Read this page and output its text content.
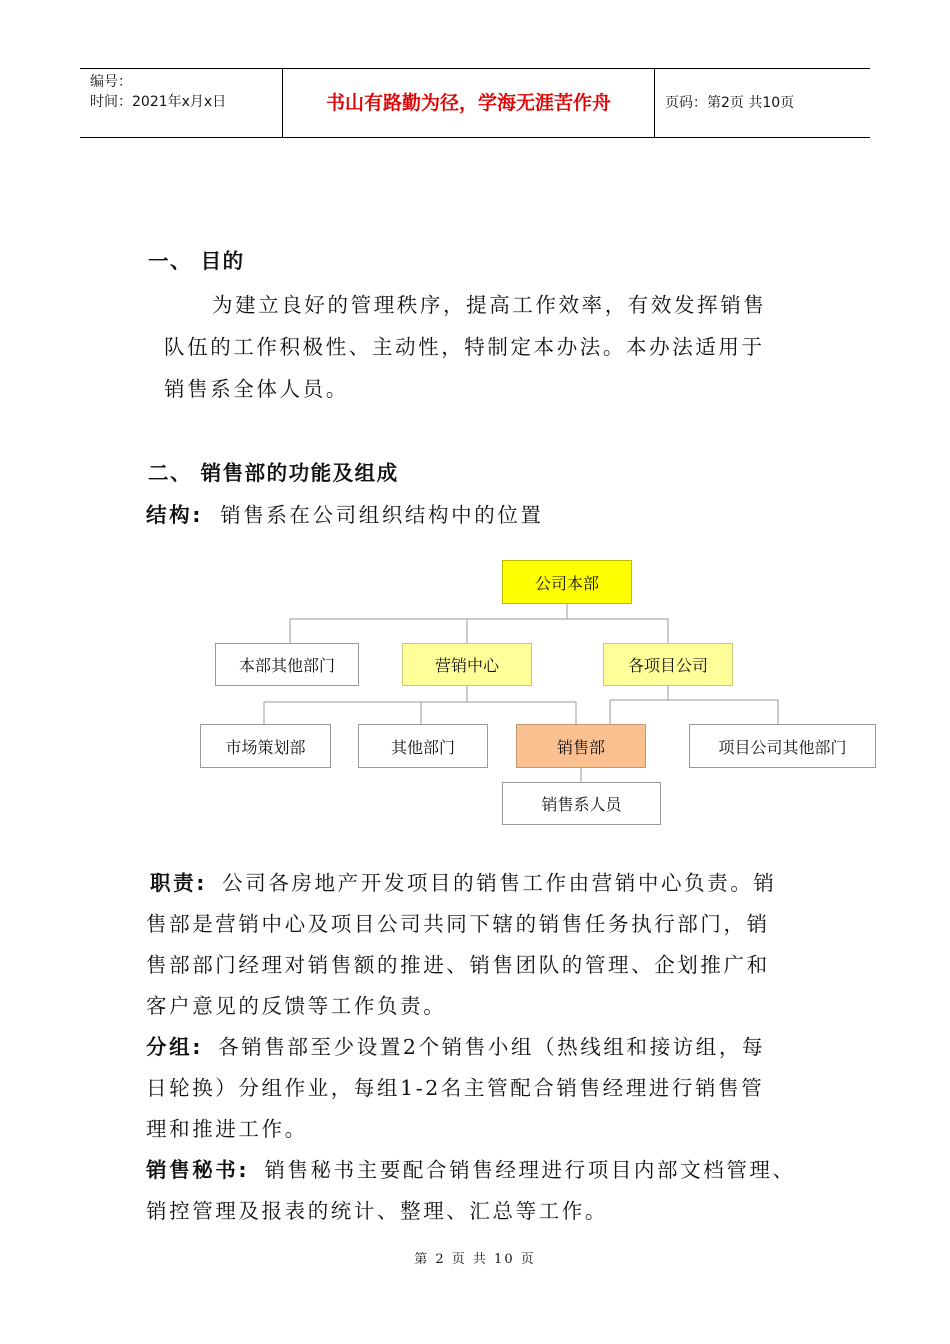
编号：
时间：2021年x月x日	书山有路勤为径，学海无涯苦作舟	页码：第2页 共10页
一、 目的
为建立良好的管理秩序，提高工作效率，有效发挥销售
队伍的工作积极性、主动性，特制定本办法。本办法适用于
销售系全体人员。
二、 销售部的功能及组成
结构: 销售系在公司组织结构中的位置
公司本部
本部其他部门	营销中心	各项目公司
市场策划部	其他部门	销售部	项目公司其他部门
销售系人员
职责: 公司各房地产开发项目的销售工作由营销中心负责。销
售部是营销中心及项目公司共同下辖的销售任务执行部门，销
售部部门经理对销售额的推进、销售团队的管理、企划推广和
客户意见的反馈等工作负责。
分组: 各销售部至少设置2个销售小组（热线组和接访组，每
日轮换）分组作业，每组1-2名主管配合销售经理进行销售管
理和推进工作。
销售秘书: 销售秘书主要配合销售经理进行项目内部文档管理、
销控管理及报表的统计、整理、汇总等工作。
第 2 页 共 10 页
